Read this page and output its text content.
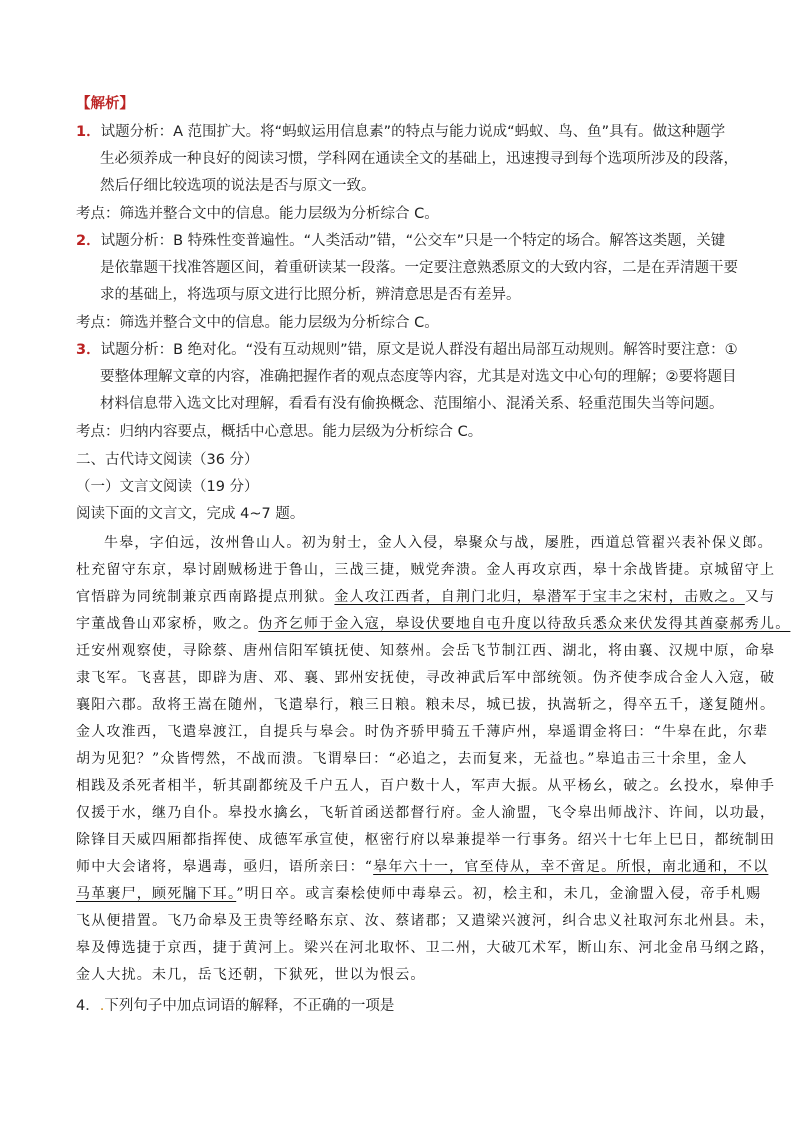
【解析】
1．试题分析：A 范围扩大。将“蚂蚁运用信息素”的特点与能力说成“蚂蚁、鸟、鱼”具有。做这种题学
生必须养成一种良好的阅读习惯，学科网在通读全文的基础上，迅速搜寻到每个选项所涉及的段落，
然后仔细比较选项的说法是否与原文一致。
考点：筛选并整合文中的信息。能力层级为分析综合 C。
2．试题分析：B 特殊性变普遍性。“人类活动”错，“公交车”只是一个特定的场合。解答这类题，关键
是依靠题干找准答题区间，着重研读某一段落。一定要注意熟悉原文的大致内容，二是在弄清题干要
求的基础上，将选项与原文进行比照分析，辨清意思是否有差异。
考点：筛选并整合文中的信息。能力层级为分析综合 C。
3．试题分析：B 绝对化。“没有互动规则”错，原文是说人群没有超出局部互动规则。解答时要注意：①
要整体理解文章的内容，准确把握作者的观点态度等内容，尤其是对选文中心句的理解；②要将题目
材料信息带入选文比对理解，看看有没有偷换概念、范围缩小、混淆关系、轻重范围失当等问题。
考点：归纳内容要点，概括中心意思。能力层级为分析综合 C。
二、古代诗文阅读（36 分）
（一）文言文阅读（19 分）
阅读下面的文言文，完成 4~7 题。
牛皋，字伯远，汝州鲁山人。初为射士，金人入侵，皋聚众与战，屡胜，西道总管翟兴表补保义郎。
杜充留守东京，皋讨剧贼杨进于鲁山，三战三捷，贼党奔溃。金人再攻京西，皋十余战皆捷。京城留守上
官悟辟为同统制兼京西南路提点刑狱。金人攻江西者，自荆门北归，皋潜军于宝丰之宋村，击败之。又与
宇董战鲁山邓家桥，败之。伪齐乞师于金入寇，皋设伏要地自屯升度以待敌兵悉众来伏发得其酋豪郝秀儿。
迁安州观察使，寻除蔡、唐州信阳军镇抚使、知蔡州。会岳飞节制江西、湖北，将由襄、汉规中原，命皋
隶飞军。飞喜甚，即辟为唐、邓、襄、郢州安抚使，寻改神武后军中部统领。伪齐使李成合金人入寇，破
襄阳六郡。敌将王嵩在随州，飞遣皋行，粮三日粮。粮未尽，城已拔，执嵩斩之，得卒五千，遂复随州。
金人攻淮西，飞遣皋渡江，自提兵与皋会。时伪齐骄甲骑五千薄庐州，皋遥谓金将曰：“牛皋在此，尔辈
胡为见犯？”众皆愕然，不战而溃。飞谓皋曰：“必追之，去而复来，无益也。”皋追击三十余里，金人
相践及杀死者相半，斩其副都统及千户五人，百户数十人，军声大振。从平杨幺，破之。幺投水，皋伸手
仅援于水，继乃自仆。皋投水擒幺，飞斩首函送都督行府。金人渝盟，飞令皋出师战汴、许间，以功最，
除锋目天威四厢都指挥使、成德军承宣使，枢密行府以皋兼提举一行事务。绍兴十七年上巳日，都统制田
师中大会诸将，皋遇毒，亟归，语所亲曰：“皋年六十一，官至侍从，幸不啻足。所恨，南北通和，不以
马革裹尸，顾死牖下耳。”明日卒。或言秦桧使师中毒皋云。初，桧主和，未几，金渝盟入侵，帝手札赐
飞从便措置。飞乃命皋及王贵等经略东京、汝、蔡诸郡；又遣梁兴渡河，纠合忠义社取河东北州县。未，
皋及傅选捷于京西，捷于黄河上。梁兴在河北取怀、卫二州，大破兀术军，断山东、河北金帛马纲之路，
金人大扰。未几，岳飞还朝，下狱死，世以为恨云。
4．.下列句子中加点词语的解释，不正确的一项是
